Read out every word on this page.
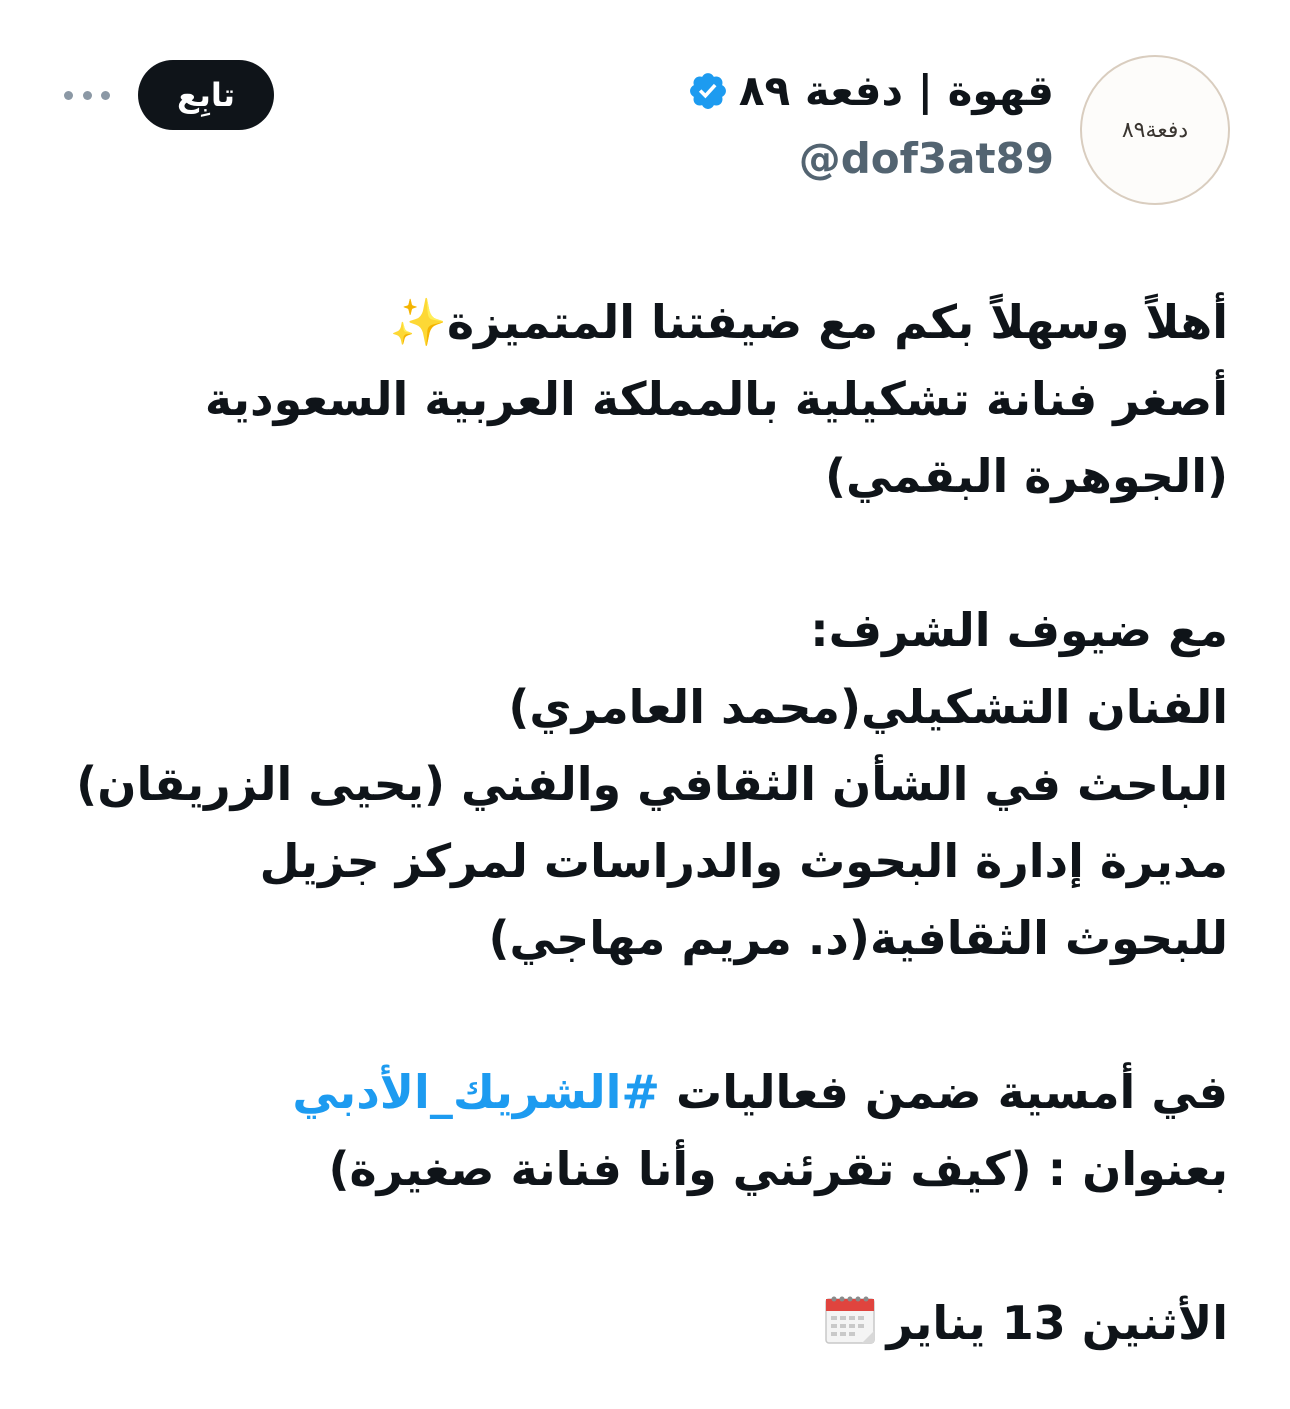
دفعة٨٩
قهوة | دفعة ٨٩
@dof3at89
تابِع
أهلاً وسهلاً بكم مع ضيفتنا المتميزة✨
أصغر فنانة تشكيلية بالمملكة العربية السعودية
(الجوهرة البقمي)
مع ضيوف الشرف:
الفنان التشكيلي(محمد العامري)
الباحث في الشأن الثقافي والفني (يحيى الزريقان)
مديرة إدارة البحوث والدراسات لمركز جزيل
للبحوث الثقافية(د. مريم مهاجي)
في أمسية ضمن فعاليات #الشريك_الأدبي
بعنوان : (كيف تقرئني وأنا فنانة صغيرة)
الأثنين 13 يناير
